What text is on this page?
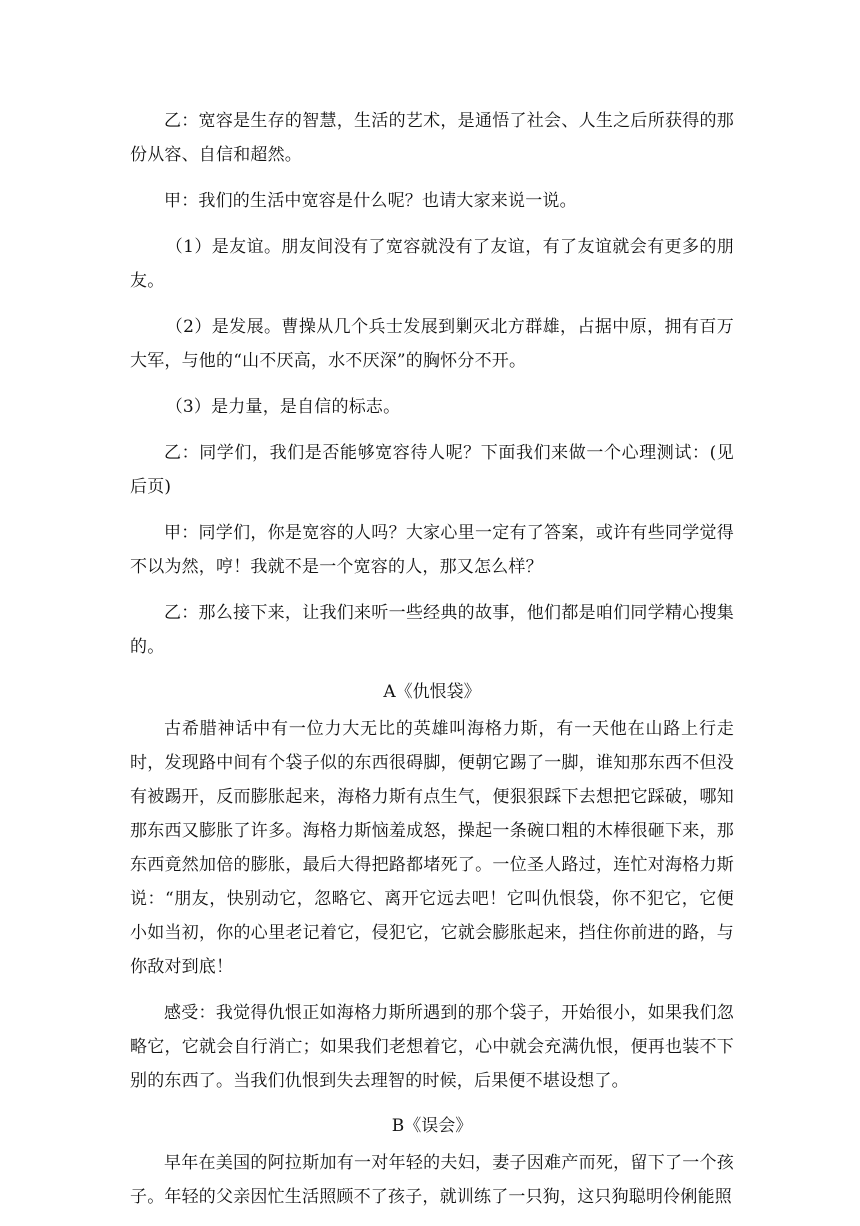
乙：宽容是生存的智慧，生活的艺术，是通悟了社会、人生之后所获得的那份从容、自信和超然。

甲：我们的生活中宽容是什么呢？也请大家来说一说。

（1）是友谊。朋友间没有了宽容就没有了友谊，有了友谊就会有更多的朋友。

（2）是发展。曹操从几个兵士发展到剿灭北方群雄，占据中原，拥有百万大军，与他的“山不厌高，水不厌深”的胸怀分不开。

（3）是力量，是自信的标志。

乙：同学们，我们是否能够宽容待人呢？下面我们来做一个心理测试：(见后页)

甲：同学们，你是宽容的人吗？大家心里一定有了答案，或许有些同学觉得不以为然，哼！我就不是一个宽容的人，那又怎么样？

乙：那么接下来，让我们来听一些经典的故事，他们都是咱们同学精心搜集的。

A《仇恨袋》

古希腊神话中有一位力大无比的英雄叫海格力斯，有一天他在山路上行走时，发现路中间有个袋子似的东西很碍脚，便朝它踢了一脚，谁知那东西不但没有被踢开，反而膨胀起来，海格力斯有点生气，便狠狠踩下去想把它踩破，哪知那东西又膨胀了许多。海格力斯恼羞成怒，操起一条碗口粗的木棒很砸下来，那东西竟然加倍的膨胀，最后大得把路都堵死了。一位圣人路过，连忙对海格力斯说：“朋友，快别动它，忽略它、离开它远去吧！它叫仇恨袋，你不犯它，它便小如当初，你的心里老记着它，侵犯它，它就会膨胀起来，挡住你前进的路，与你敌对到底！

感受：我觉得仇恨正如海格力斯所遇到的那个袋子，开始很小，如果我们忽略它，它就会自行消亡；如果我们老想着它，心中就会充满仇恨，便再也装不下别的东西了。当我们仇恨到失去理智的时候，后果便不堪设想了。

B《误会》

早年在美国的阿拉斯加有一对年轻的夫妇，妻子因难产而死，留下了一个孩子。年轻的父亲因忙生活照顾不了孩子，就训练了一只狗，这只狗聪明伶俐能照
